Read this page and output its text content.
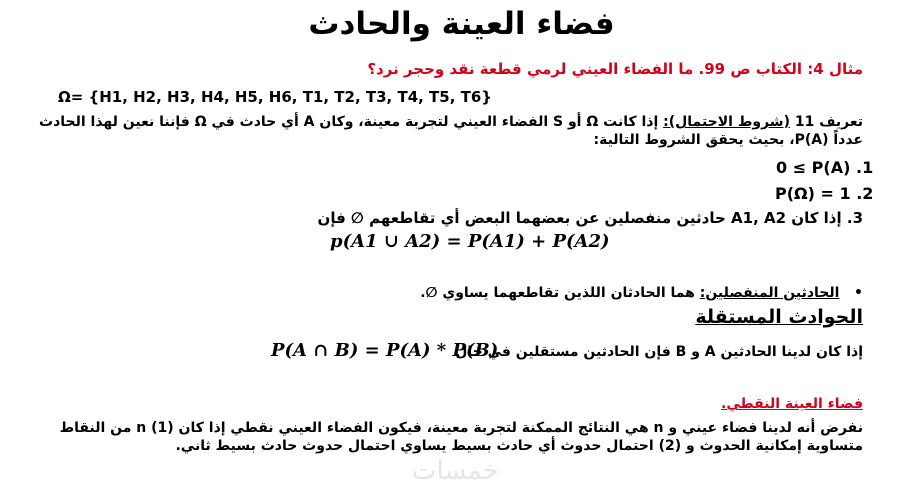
فضاء العينة والحادث
مثال 4: الكتاب ص 99. ما الفضاء العيني لرمي قطعة نقد وحجر نرد؟
Ω= {H1, H2, H3, H4, H5, H6, T1, T2, T3, T4, T5, T6}
تعريف 11 (شروط الاحتمال): إذا كانت Ω أو S الفضاء العيني لتجربة معينة، وكان A أي حادث في Ω فإننا نعين لهذا الحادث
عدداً P(A)، بحيث يحقق الشروط التالية:
0 ≤ P(A) .1
P(Ω) = 1 .2
3. إذا كان A1, A2 حادثين منفصلين عن بعضهما البعض أي تقاطعهم ∅ فإن
p(A1 ∪ A2) = P(A1) + P(A2)
•   الحادثين المنفصلين: هما الحادثان اللذين تقاطعهما يساوي ∅.
الحوادث المستقلة
إذا كان لدينا الحادثين A و B فإن الحادثين مستقلين في حال
P(A ∩ B) = P(A) * P(B)
فضاء العينة النقطي.
نفرض أنه لدينا فضاء عيني و n هي النتائج الممكنة لتجربة معينة، فيكون الفضاء العيني نقطي إذا كان (1) n من النقاط
متساوية إمكانية الحدوث و (2) احتمال حدوث أي حادث بسيط يساوي احتمال حدوث حادث بسيط ثاني.
خمسات
